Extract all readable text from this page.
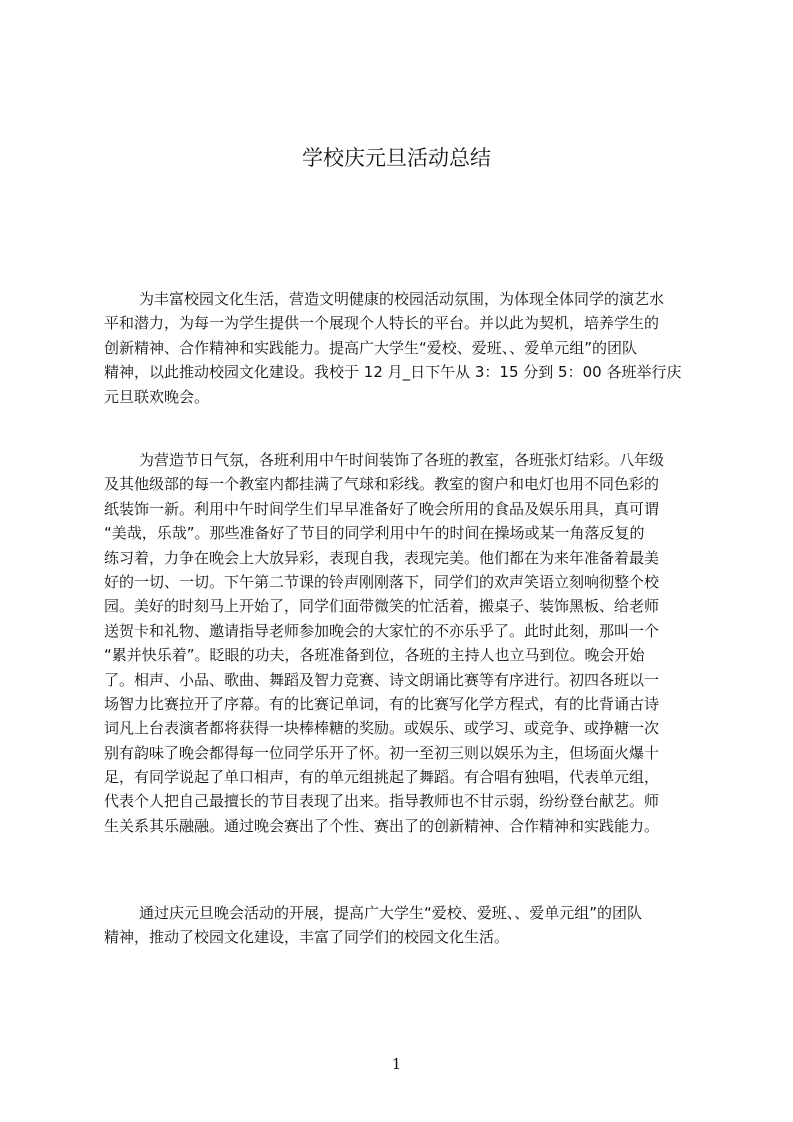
学校庆元旦活动总结
为丰富校园文化生活，营造文明健康的校园活动氛围，为体现全体同学的演艺水
平和潜力，为每一为学生提供一个展现个人特长的平台。并以此为契机，培养学生的
创新精神、合作精神和实践能力。提高广大学生“爱校、爱班、、爱单元组”的团队
精神，以此推动校园文化建设。我校于 12 月_日下午从 3：15 分到 5：00 各班举行庆
元旦联欢晚会。
为营造节日气氛，各班利用中午时间装饰了各班的教室，各班张灯结彩。八年级
及其他级部的每一个教室内都挂满了气球和彩线。教室的窗户和电灯也用不同色彩的
纸装饰一新。利用中午时间学生们早早准备好了晚会所用的食品及娱乐用具，真可谓
“美哉，乐哉”。那些准备好了节目的同学利用中午的时间在操场或某一角落反复的
练习着，力争在晚会上大放异彩，表现自我，表现完美。他们都在为来年准备着最美
好的一切、一切。下午第二节课的铃声刚刚落下，同学们的欢声笑语立刻响彻整个校
园。美好的时刻马上开始了，同学们面带微笑的忙活着，搬桌子、装饰黑板、给老师
送贺卡和礼物、邀请指导老师参加晚会的大家忙的不亦乐乎了。此时此刻，那叫一个
“累并快乐着”。眨眼的功夫，各班准备到位，各班的主持人也立马到位。晚会开始
了。相声、小品、歌曲、舞蹈及智力竞赛、诗文朗诵比赛等有序进行。初四各班以一
场智力比赛拉开了序幕。有的比赛记单词，有的比赛写化学方程式，有的比背诵古诗
词凡上台表演者都将获得一块棒棒糖的奖励。或娱乐、或学习、或竞争、或挣糖一次
别有韵味了晚会都得每一位同学乐开了怀。初一至初三则以娱乐为主，但场面火爆十
足，有同学说起了单口相声，有的单元组挑起了舞蹈。有合唱有独唱，代表单元组，
代表个人把自己最擅长的节目表现了出来。指导教师也不甘示弱，纷纷登台献艺。师
生关系其乐融融。通过晚会赛出了个性、赛出了的创新精神、合作精神和实践能力。
通过庆元旦晚会活动的开展，提高广大学生“爱校、爱班、、爱单元组”的团队
精神，推动了校园文化建设，丰富了同学们的校园文化生活。
1
